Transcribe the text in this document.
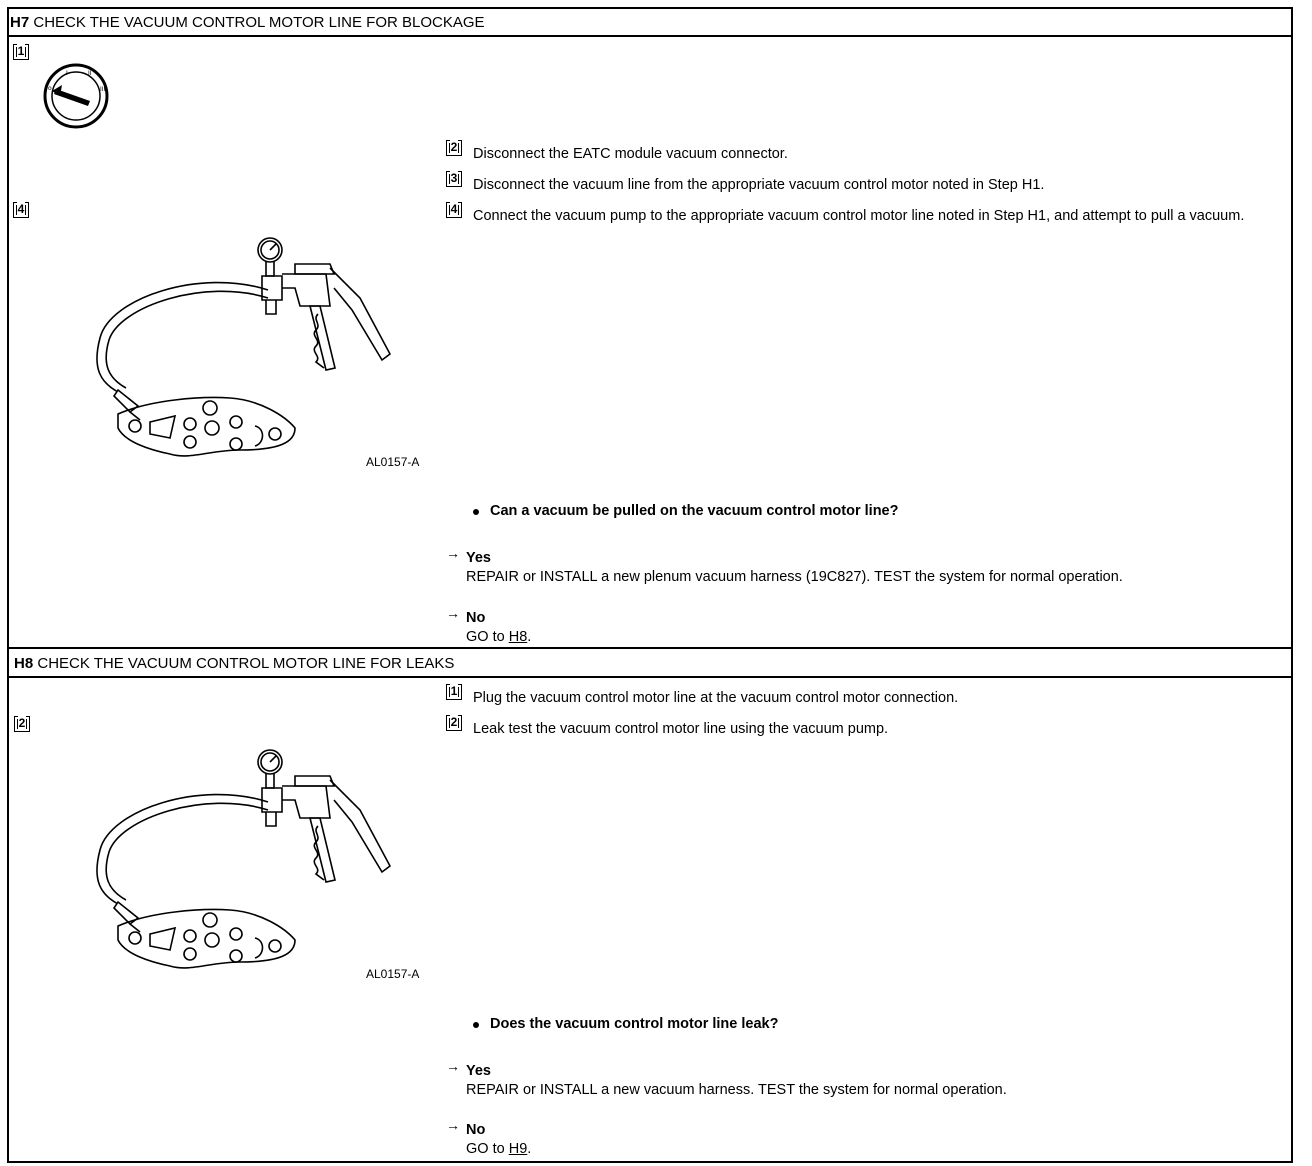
H7 CHECK THE VACUUM CONTROL MOTOR LINE FOR BLOCKAGE
1
o
I	II
III
4
AL0157-A
2	Disconnect the EATC module vacuum connector.
3	Disconnect the vacuum line from the appropriate vacuum control motor noted in Step H1.
4	Connect the vacuum pump to the appropriate vacuum control motor line noted in Step H1, and attempt to pull a vacuum.
Can a vacuum be pulled on the vacuum control motor line?
→ Yes
REPAIR or INSTALL a new plenum vacuum harness (19C827). TEST the system for normal operation.
→ No
GO to H8.
H8 CHECK THE VACUUM CONTROL MOTOR LINE FOR LEAKS
2
AL0157-A
1	Plug the vacuum control motor line at the vacuum control motor connection.
2	Leak test the vacuum control motor line using the vacuum pump.
Does the vacuum control motor line leak?
→ Yes
REPAIR or INSTALL a new vacuum harness. TEST the system for normal operation.
→ No
GO to H9.
